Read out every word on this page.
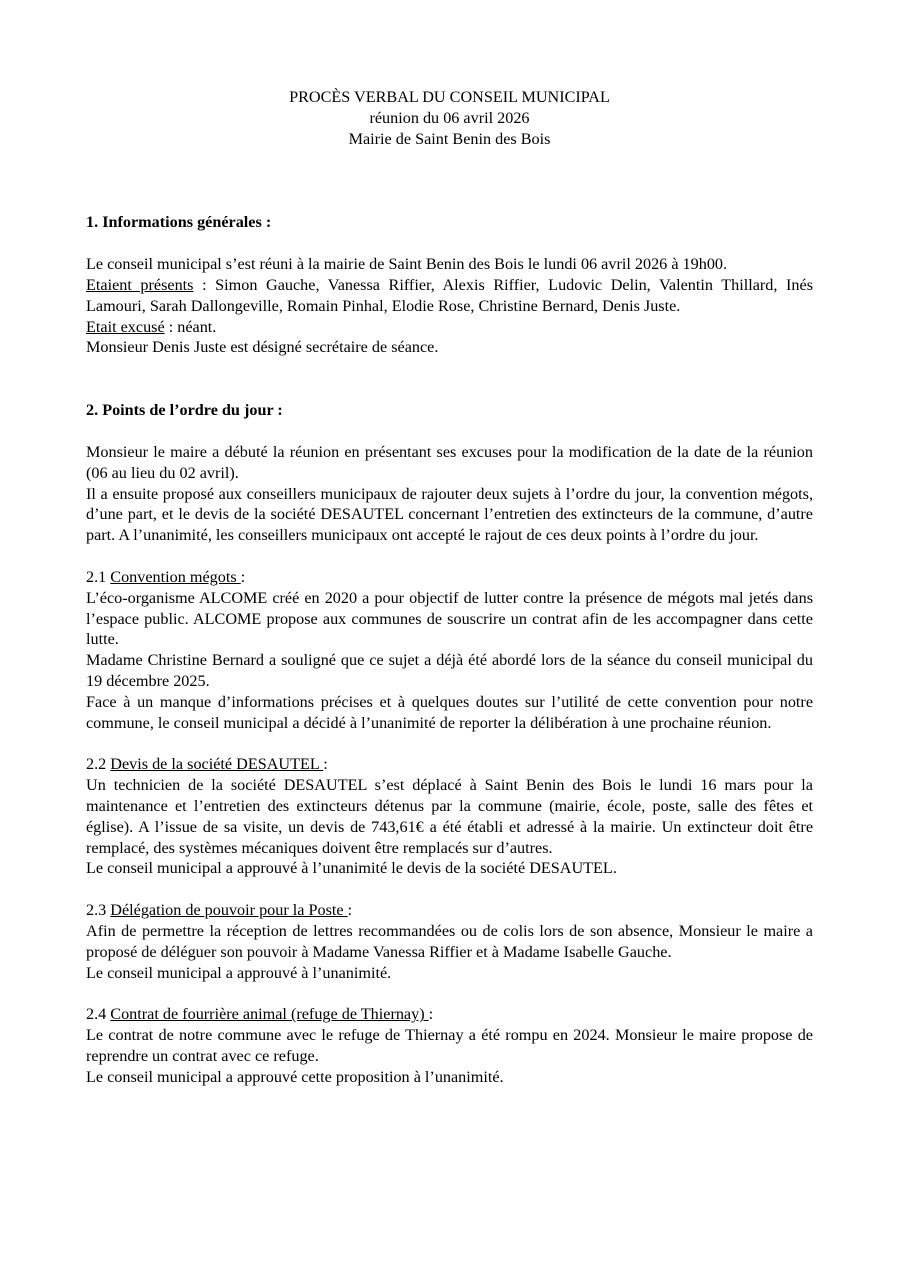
PROCÈS VERBAL DU CONSEIL MUNICIPAL
réunion du 06 avril 2026
Mairie de Saint Benin des Bois

1. Informations générales :

Le conseil municipal s’est réuni à la mairie de Saint Benin des Bois le lundi 06 avril 2026 à 19h00.

Etaient présents : Simon Gauche, Vanessa Riffier, Alexis Riffier, Ludovic Delin, Valentin Thillard, Inés Lamouri, Sarah Dallongeville, Romain Pinhal, Elodie Rose, Christine Bernard, Denis Juste.

Etait excusé : néant.

Monsieur Denis Juste est désigné secrétaire de séance.

2. Points de l’ordre du jour :

Monsieur le maire a débuté la réunion en présentant ses excuses pour la modification de la date de la réunion (06 au lieu du 02 avril).

Il a ensuite proposé aux conseillers municipaux de rajouter deux sujets à l’ordre du jour, la convention mégots, d’une part, et le devis de la société DESAUTEL concernant l’entretien des extincteurs de la commune, d’autre part. A l’unanimité, les conseillers municipaux ont accepté le rajout de ces deux points à l’ordre du jour.

2.1 Convention mégots :

L’éco-organisme ALCOME créé en 2020 a pour objectif de lutter contre la présence de mégots mal jetés dans l’espace public. ALCOME propose aux communes de souscrire un contrat afin de les accompagner dans cette lutte.

Madame Christine Bernard a souligné que ce sujet a déjà été abordé lors de la séance du conseil municipal du 19 décembre 2025.

Face à un manque d’informations précises et à quelques doutes sur l’utilité de cette convention pour notre commune, le conseil municipal a décidé à l’unanimité de reporter la délibération à une prochaine réunion.

2.2 Devis de la société DESAUTEL :

Un technicien de la société DESAUTEL s’est déplacé à Saint Benin des Bois le lundi 16 mars pour la maintenance et l’entretien des extincteurs détenus par la commune (mairie, école, poste, salle des fêtes et église). A l’issue de sa visite, un devis de 743,61€ a été établi et adressé à la mairie. Un extincteur doit être remplacé, des systèmes mécaniques doivent être remplacés sur d’autres.

Le conseil municipal a approuvé à l’unanimité le devis de la société DESAUTEL.

2.3 Délégation de pouvoir pour la Poste :

Afin de permettre la réception de lettres recommandées ou de colis lors de son absence, Monsieur le maire a proposé de déléguer son pouvoir à Madame Vanessa Riffier et à Madame Isabelle Gauche.

Le conseil municipal a approuvé à l’unanimité.

2.4 Contrat de fourrière animal (refuge de Thiernay) :

Le contrat de notre commune avec le refuge de Thiernay a été rompu en 2024. Monsieur le maire propose de reprendre un contrat avec ce refuge.

Le conseil municipal a approuvé cette proposition à l’unanimité.
